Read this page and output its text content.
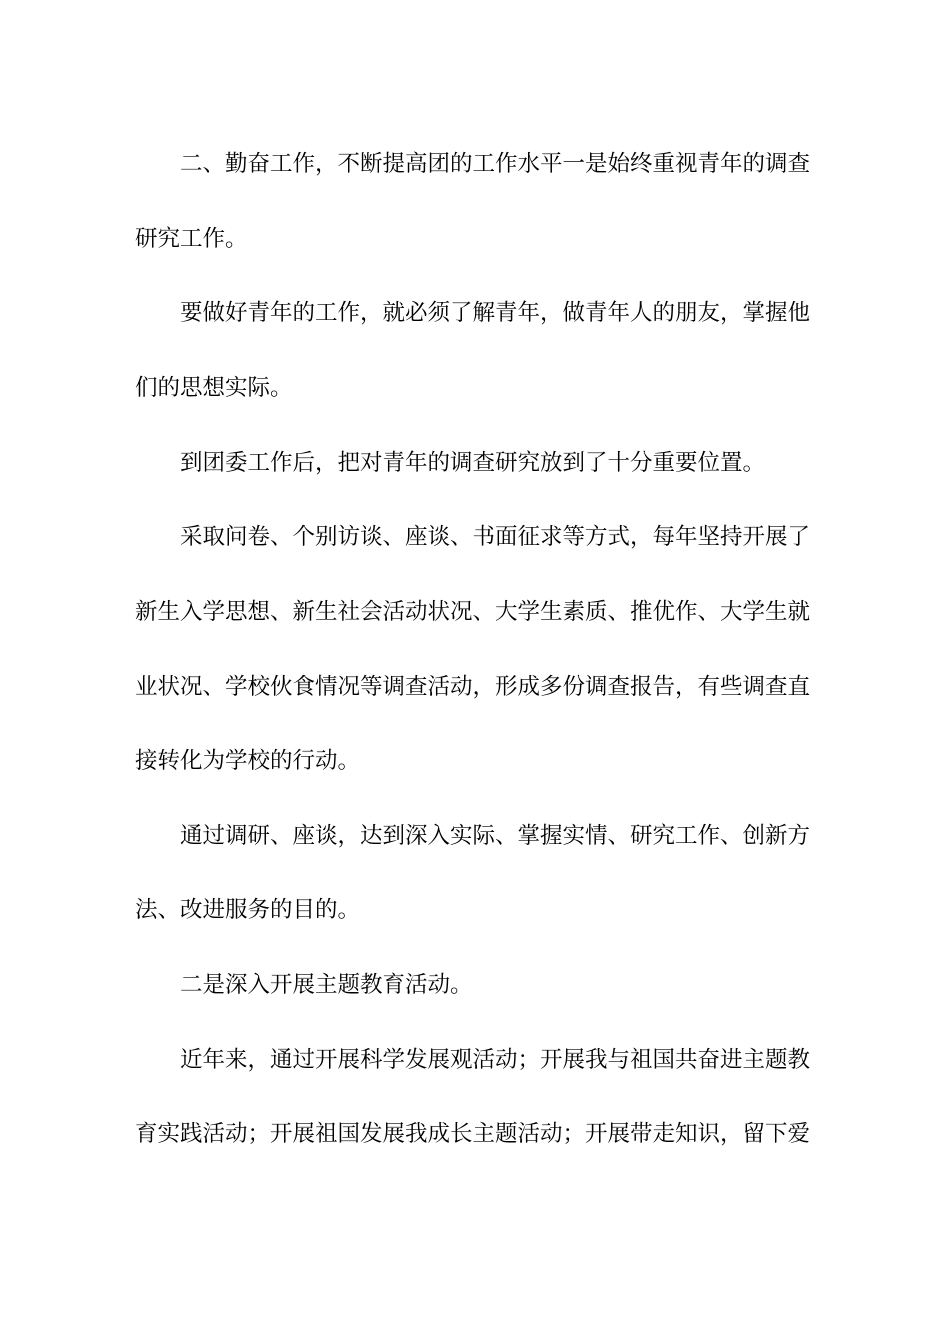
二、勤奋工作，不断提高团的工作水平一是始终重视青年的调查
研究工作。
要做好青年的工作，就必须了解青年，做青年人的朋友，掌握他
们的思想实际。
到团委工作后，把对青年的调查研究放到了十分重要位置。
采取问卷、个别访谈、座谈、书面征求等方式，每年坚持开展了
新生入学思想、新生社会活动状况、大学生素质、推优作、大学生就
业状况、学校伙食情况等调查活动，形成多份调查报告，有些调查直
接转化为学校的行动。
通过调研、座谈，达到深入实际、掌握实情、研究工作、创新方
法、改进服务的目的。
二是深入开展主题教育活动。
近年来，通过开展科学发展观活动；开展我与祖国共奋进主题教
育实践活动；开展祖国发展我成长主题活动；开展带走知识，留下爱
